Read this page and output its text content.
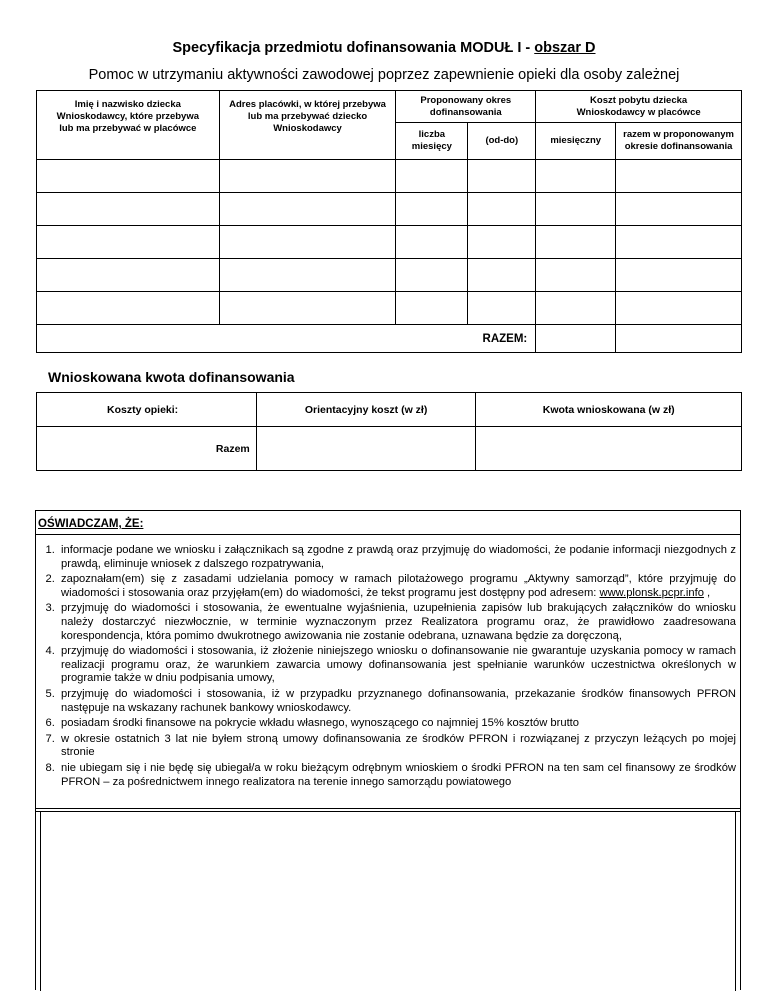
Specyfikacja przedmiotu dofinansowania MODUŁ I - obszar D
Pomoc w utrzymaniu aktywności zawodowej poprzez zapewnienie opieki dla osoby zależnej
Imię i nazwisko dziecka Wnioskodawcy, które przebywa lub ma przebywać w placówce	Adres placówki, w której przebywa lub ma przebywać dziecko Wnioskodawcy	Proponowany okres dofinansowania		Koszt pobytu dziecka Wnioskodawcy w placówce	
		liczba miesięcy	(od-do)	miesięczny	razem w proponowanym okresie dofinansowania

RAZEM:					
Wnioskowana kwota dofinansowania
Koszty opieki:	Orientacyjny koszt (w zł)	Kwota wnioskowana (w zł)
Razem		
OŚWIADCZAM, ŻE:
1. informacje podane we wniosku i załącznikach są zgodne z prawdą oraz przyjmuję do wiadomości, że podanie informacji niezgodnych z prawdą, eliminuje wniosek z dalszego rozpatrywania,
2. zapoznałam(em) się z zasadami udzielania pomocy w ramach pilotażowego programu „Aktywny samorząd”, które przyjmuję do wiadomości i stosowania oraz przyjęłam(em) do wiadomości, że tekst programu jest dostępny pod adresem: www.plonsk.pcpr.info ,
3. przyjmuję do wiadomości i stosowania, że ewentualne wyjaśnienia, uzupełnienia zapisów lub brakujących załączników do wniosku należy dostarczyć niezwłocznie, w terminie wyznaczonym przez Realizatora programu oraz, że prawidłowo zaadresowana korespondencja, która pomimo dwukrotnego awizowania nie zostanie odebrana, uznawana będzie za doręczoną,
4. przyjmuję do wiadomości i stosowania, iż złożenie niniejszego wniosku o dofinansowanie nie gwarantuje uzyskania pomocy w ramach realizacji programu oraz, że warunkiem zawarcia umowy dofinansowania jest spełnianie warunków uczestnictwa określonych w programie także w dniu podpisania umowy,
5. przyjmuję do wiadomości i stosowania, iż w przypadku przyznanego dofinansowania, przekazanie środków finansowych PFRON następuje na wskazany rachunek bankowy wnioskodawcy.
6. posiadam środki finansowe na pokrycie wkładu własnego, wynoszącego co najmniej 15% kosztów brutto
7. w okresie ostatnich 3 lat nie byłem stroną umowy dofinansowania ze środków PFRON i rozwiązanej z przyczyn leżących po mojej stronie
8. nie ubiegam się i nie będę się ubiegał/a w roku bieżącym odrębnym wnioskiem o środki PFRON na ten sam cel finansowy ze środków PFRON – za pośrednictwem innego realizatora na terenie innego samorządu powiatowego
